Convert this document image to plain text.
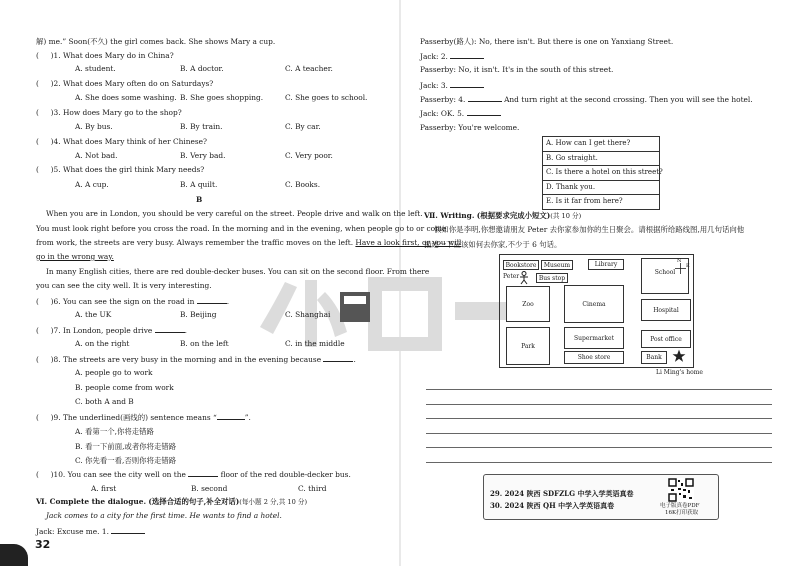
解) me.” Soon(不久) the girl comes back. She shows Mary a cup.
(     )1. What does Mary do in China?
A. student.	B. A doctor.	C. A teacher.
(     )2. What does Mary often do on Saturdays?
A. She does some washing. B. She goes shopping.	C. She goes to school.
(     )3. How does Mary go to the shop?
A. By bus.	B. By train.	C. By car.
(     )4. What does Mary think of her Chinese?
A. Not bad.	B. Very bad.	C. Very poor.
(     )5. What does the girl think Mary needs?
A. A cup.	B. A quilt.	C. Books.
B
When you are in London, you should be very careful on the street. People drive and walk on the left.
You must look right before you cross the road. In the morning and in the evening, when people go to or come
from work, the streets are very busy. Always remember the traffic moves on the left. Have a look first, or you will
go in the wrong way.
In many English cities, there are red double-decker buses. You can sit on the second floor. From there
you can see the city well. It is very interesting.
(     )6. You can see the sign on the road in	.
A. the UK	B. Beijing	C. Shanghai
(     )7. In London, people drive	.
A. on the right	B. on the left	C. in the middle
(     )8. The streets are very busy in the morning and in the evening because	.
A. people go to work
B. people come from work
C. both A and B
(     )9. The underlined(画线的) sentence means “	”.
A. 看第一个,你将走错路
B. 看一下前面,或者你将走错路
C. 你先看一看,否则你将走错路
(     )10. You can see the city well on the	floor of the red double-decker bus.
A. first	B. second	C. third
Ⅵ. Complete the dialogue. (选择合适的句子,补全对话)(每小题 2 分,共 10 分)
Jack comes to a city for the first time. He wants to find a hotel.
Jack: Excuse me. 1.
32
Passerby(路人): No, there isn't. But there is one on Yanxiang Street.
Jack: 2.
Passerby: No, it isn't. It's in the south of this street.
Jack: 3.
Passerby: 4.	And turn right at the second crossing. Then you will see the hotel.
Jack: OK. 5.
Passerby: You're welcome.
A. How can I get there?
B. Go straight.
C. Is there a hotel on this street?
D. Thank you.
E. Is it far from here?
Ⅶ. Writing. (根据要求完成小短文)(共 10 分)
假如你是李明,你想邀请朋友 Peter 去你家参加你的生日聚会。请根据所给路线图,用几句话向他
描述一下应该如何去你家,不少于 6 句话。
Bookstore	Museum	Library
Peter	Bus stop
Zoo	Cinema
School
N
E
Hospital
Supermarket	Post office
Park
Shoe store	Bank
Li Ming's home
29. 2024 陕西 SDFZLG 中学入学英语真卷
30. 2024 陕西 QH 中学入学英语真卷	电子版真卷PDF
16K打印获取
